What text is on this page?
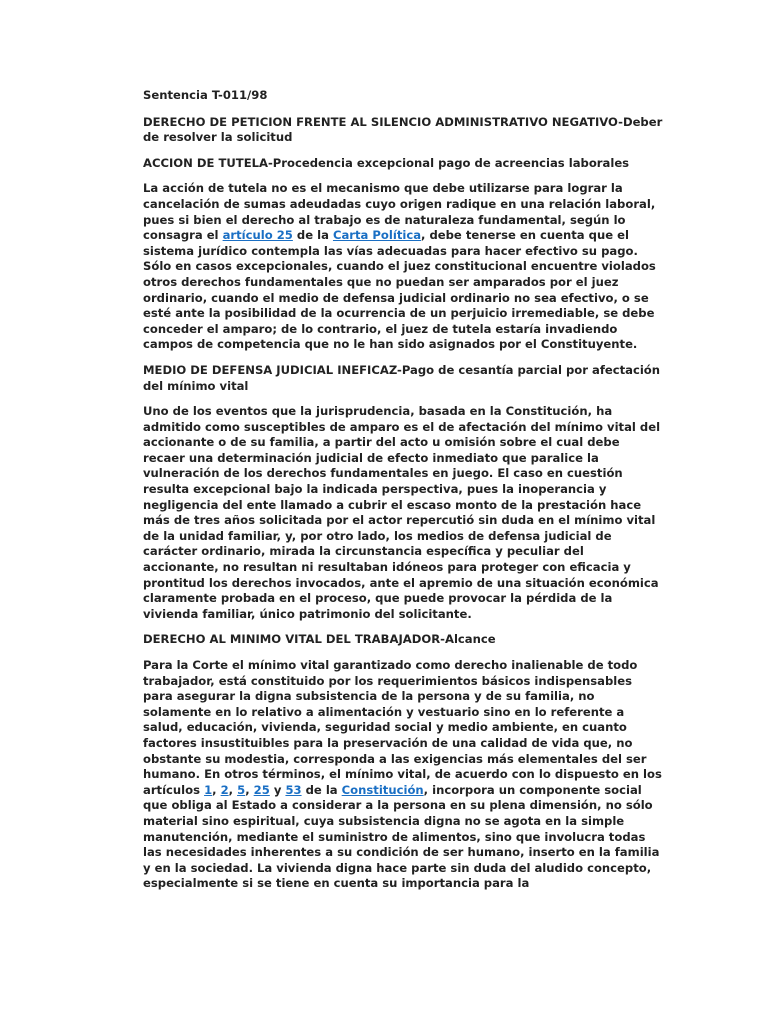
Sentencia T-011/98

DERECHO DE PETICION FRENTE AL SILENCIO ADMINISTRATIVO NEGATIVO-Deber de resolver la solicitud

ACCION DE TUTELA-Procedencia excepcional pago de acreencias laborales

La acción de tutela no es el mecanismo que debe utilizarse para lograr la cancelación de sumas adeudadas cuyo origen radique en una relación laboral, pues si bien el derecho al trabajo es de naturaleza fundamental, según lo consagra el artículo 25 de la Carta Política, debe tenerse en cuenta que el sistema jurídico contempla las vías adecuadas para hacer efectivo su pago. Sólo en casos excepcionales, cuando el juez constitucional encuentre violados otros derechos fundamentales que no puedan ser amparados por el juez ordinario, cuando el medio de defensa judicial ordinario no sea efectivo, o se esté ante la posibilidad de la ocurrencia de un perjuicio irremediable, se debe conceder el amparo; de lo contrario, el juez de tutela estaría invadiendo campos de competencia que no le han sido asignados por el Constituyente.

MEDIO DE DEFENSA JUDICIAL INEFICAZ-Pago de cesantía parcial por afectación del mínimo vital

Uno de los eventos que la jurisprudencia, basada en la Constitución, ha admitido como susceptibles de amparo es el de afectación del mínimo vital del accionante o de su familia, a partir del acto u omisión sobre el cual debe recaer una determinación judicial de efecto inmediato que paralice la vulneración de los derechos fundamentales en juego. El caso en cuestión resulta excepcional bajo la indicada perspectiva, pues la inoperancia y negligencia del ente llamado a cubrir el escaso monto de la prestación hace más de tres años solicitada por el actor repercutió sin duda en el mínimo vital de la unidad familiar, y, por otro lado, los medios de defensa judicial de carácter ordinario, mirada la circunstancia específica y peculiar del accionante, no resultan ni resultaban idóneos para proteger con eficacia y prontitud los derechos invocados, ante el apremio de una situación económica claramente probada en el proceso, que puede provocar la pérdida de la vivienda familiar, único patrimonio del solicitante.

DERECHO AL MINIMO VITAL DEL TRABAJADOR-Alcance

Para la Corte el mínimo vital garantizado como derecho inalienable de todo trabajador, está constituido por los requerimientos básicos indispensables para asegurar la digna subsistencia de la persona y de su familia, no solamente en lo relativo a alimentación y vestuario sino en lo referente a salud, educación, vivienda, seguridad social y medio ambiente, en cuanto factores insustituibles para la preservación de una calidad de vida que, no obstante su modestia, corresponda a las exigencias más elementales del ser humano. En otros términos, el mínimo vital, de acuerdo con lo dispuesto en los artículos 1, 2, 5, 25 y 53 de la Constitución, incorpora un componente social que obliga al Estado a considerar a la persona en su plena dimensión, no sólo material sino espiritual, cuya subsistencia digna no se agota en la simple manutención, mediante el suministro de alimentos, sino que involucra todas las necesidades inherentes a su condición de ser humano, inserto en la familia y en la sociedad. La vivienda digna hace parte sin duda del aludido concepto, especialmente si se tiene en cuenta su importancia para la
